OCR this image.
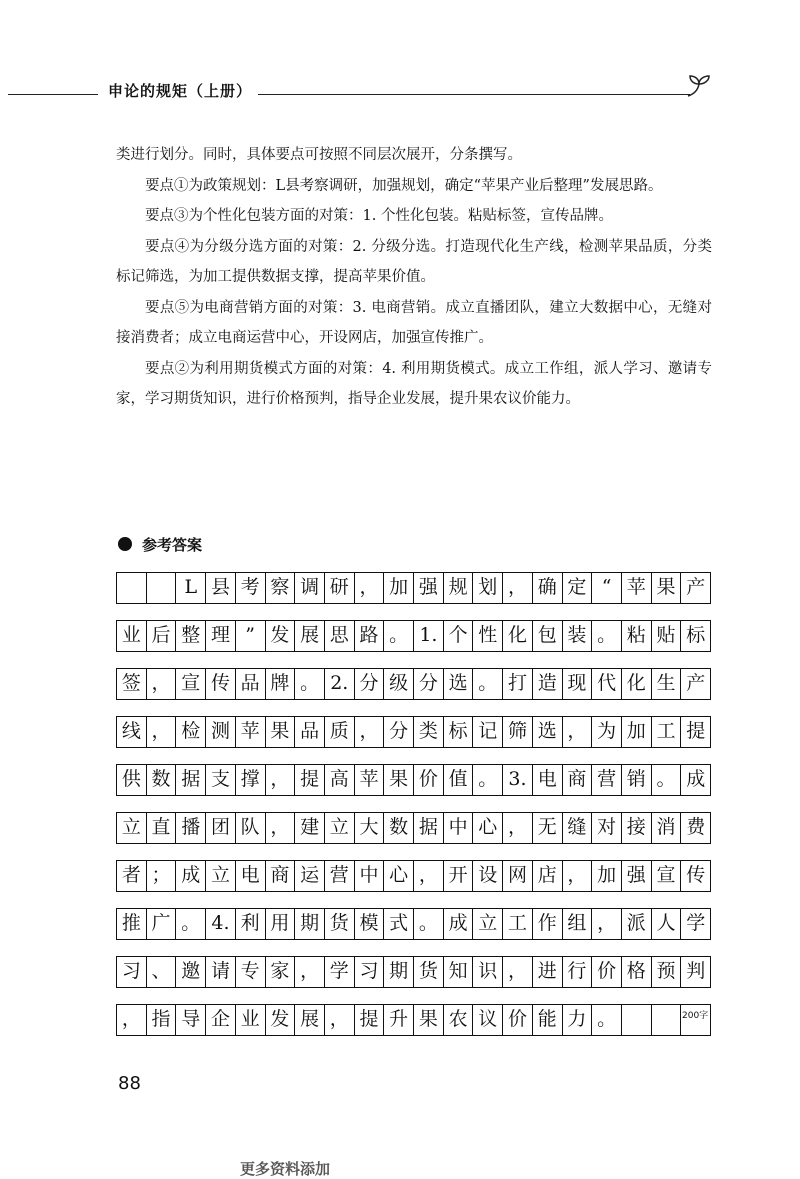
申论的规矩（上册）

类进行划分。同时，具体要点可按照不同层次展开，分条撰写。

要点①为政策规划：L县考察调研，加强规划，确定“苹果产业后整理”发展思路。

要点③为个性化包装方面的对策：1. 个性化包装。粘贴标签，宣传品牌。

要点④为分级分选方面的对策：2. 分级分选。打造现代化生产线，检测苹果品质，分类标记筛选，为加工提供数据支撑，提高苹果价值。

要点⑤为电商营销方面的对策：3. 电商营销。成立直播团队，建立大数据中心，无缝对接消费者；成立电商运营中心，开设网店，加强宣传推广。

要点②为利用期货模式方面的对策：4. 利用期货模式。成立工作组，派人学习、邀请专家，学习期货知识，进行价格预判，指导企业发展，提升果农议价能力。

参考答案
L 县 考 察 调 研 ， 加 强 规 划 ， 确 定 “ 苹 果 产
业 后 整 理 ” 发 展 思 路 。 1. 个 性 化 包 装 。 粘 贴 标
签 ， 宣 传 品 牌 。 2. 分 级 分 选 。 打 造 现 代 化 生 产
线 ， 检 测 苹 果 品 质 ， 分 类 标 记 筛 选 ， 为 加 工 提
供 数 据 支 撑 ， 提 高 苹 果 价 值 。 3. 电 商 营 销 。 成
立 直 播 团 队 ， 建 立 大 数 据 中 心 ， 无 缝 对 接 消 费
者 ； 成 立 电 商 运 营 中 心 ， 开 设 网 店 ， 加 强 宣 传
推 广 。 4. 利 用 期 货 模 式 。 成 立 工 作 组 ， 派 人 学
习 、 邀 请 专 家 ， 学 习 期 货 知 识 ， 进 行 价 格 预 判
， 指 导 企 业 发 展 ， 提 升 果 农 议 价 能 力 。	200字
88
更多资料添加
